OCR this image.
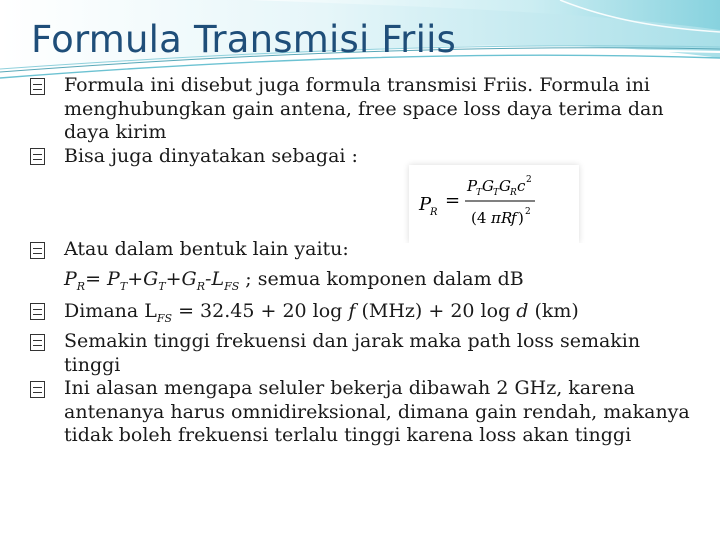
Formula Transmisi Friis
P
R
=
P
T G T G R c 2
(4 π R
f ) 2
Formula ini disebut juga formula transmisi Friis. Formula ini menghubungkan gain antena, free space loss daya terima dan daya kirim
Bisa juga dinyatakan sebagai :
Atau dalam bentuk lain yaitu:
$P_R= P_T+G_T+G_R-L_{FS}$ ; semua komponen dalam dB
Dimana $L_{FS} = 32.45 + 20$ log f (MHz) + 20 log d (km)
Semakin tinggi frekuensi dan jarak maka path loss semakin tinggi
Ini alasan mengapa seluler bekerja dibawah 2 GHz, karena antenanya harus omnidireksional, dimana gain rendah, makanya tidak boleh frekuensi terlalu tinggi karena loss akan tinggi
